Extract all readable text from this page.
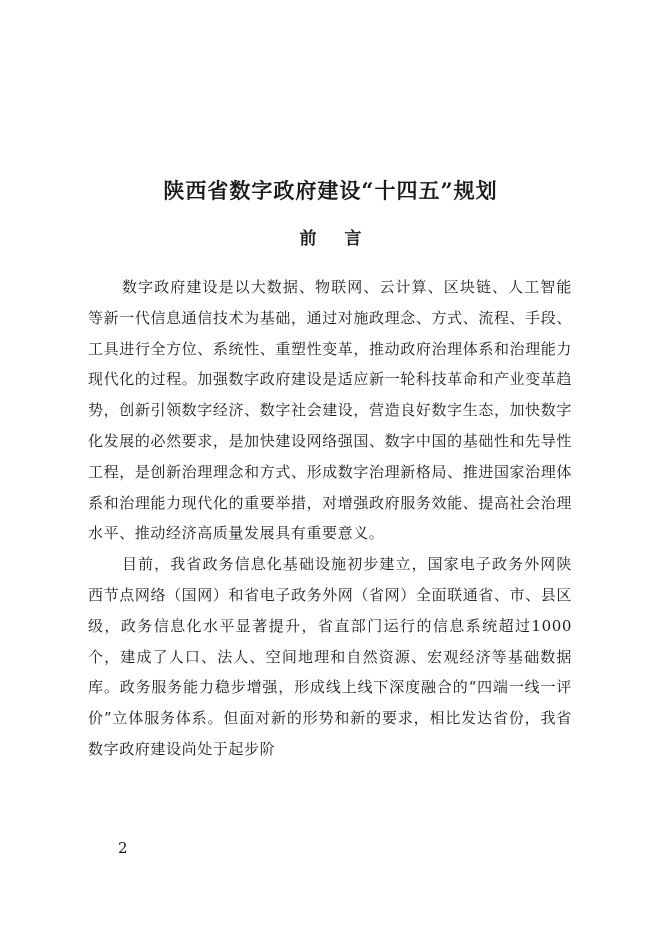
陕西省数字政府建设“十四五”规划
前言

数字政府建设是以大数据、物联网、云计算、区块链、人工智能等新一代信息通信技术为基础，通过对施政理念、方式、流程、手段、工具进行全方位、系统性、重塑性变革，推动政府治理体系和治理能力现代化的过程。加强数字政府建设是适应新一轮科技革命和产业变革趋势，创新引领数字经济、数字社会建设，营造良好数字生态，加快数字化发展的必然要求，是加快建设网络强国、数字中国的基础性和先导性工程，是创新治理理念和方式、形成数字治理新格局、推进国家治理体系和治理能力现代化的重要举措，对增强政府服务效能、提高社会治理水平、推动经济高质量发展具有重要意义。

目前，我省政务信息化基础设施初步建立，国家电子政务外网陕西节点网络（国网）和省电子政务外网（省网）全面联通省、市、县区级，政务信息化水平显著提升，省直部门运行的信息系统超过1000个，建成了人口、法人、空间地理和自然资源、宏观经济等基础数据库。政务服务能力稳步增强，形成线上线下深度融合的“四端一线一评价”立体服务体系。但面对新的形势和新的要求，相比发达省份，我省数字政府建设尚处于起步阶

2
